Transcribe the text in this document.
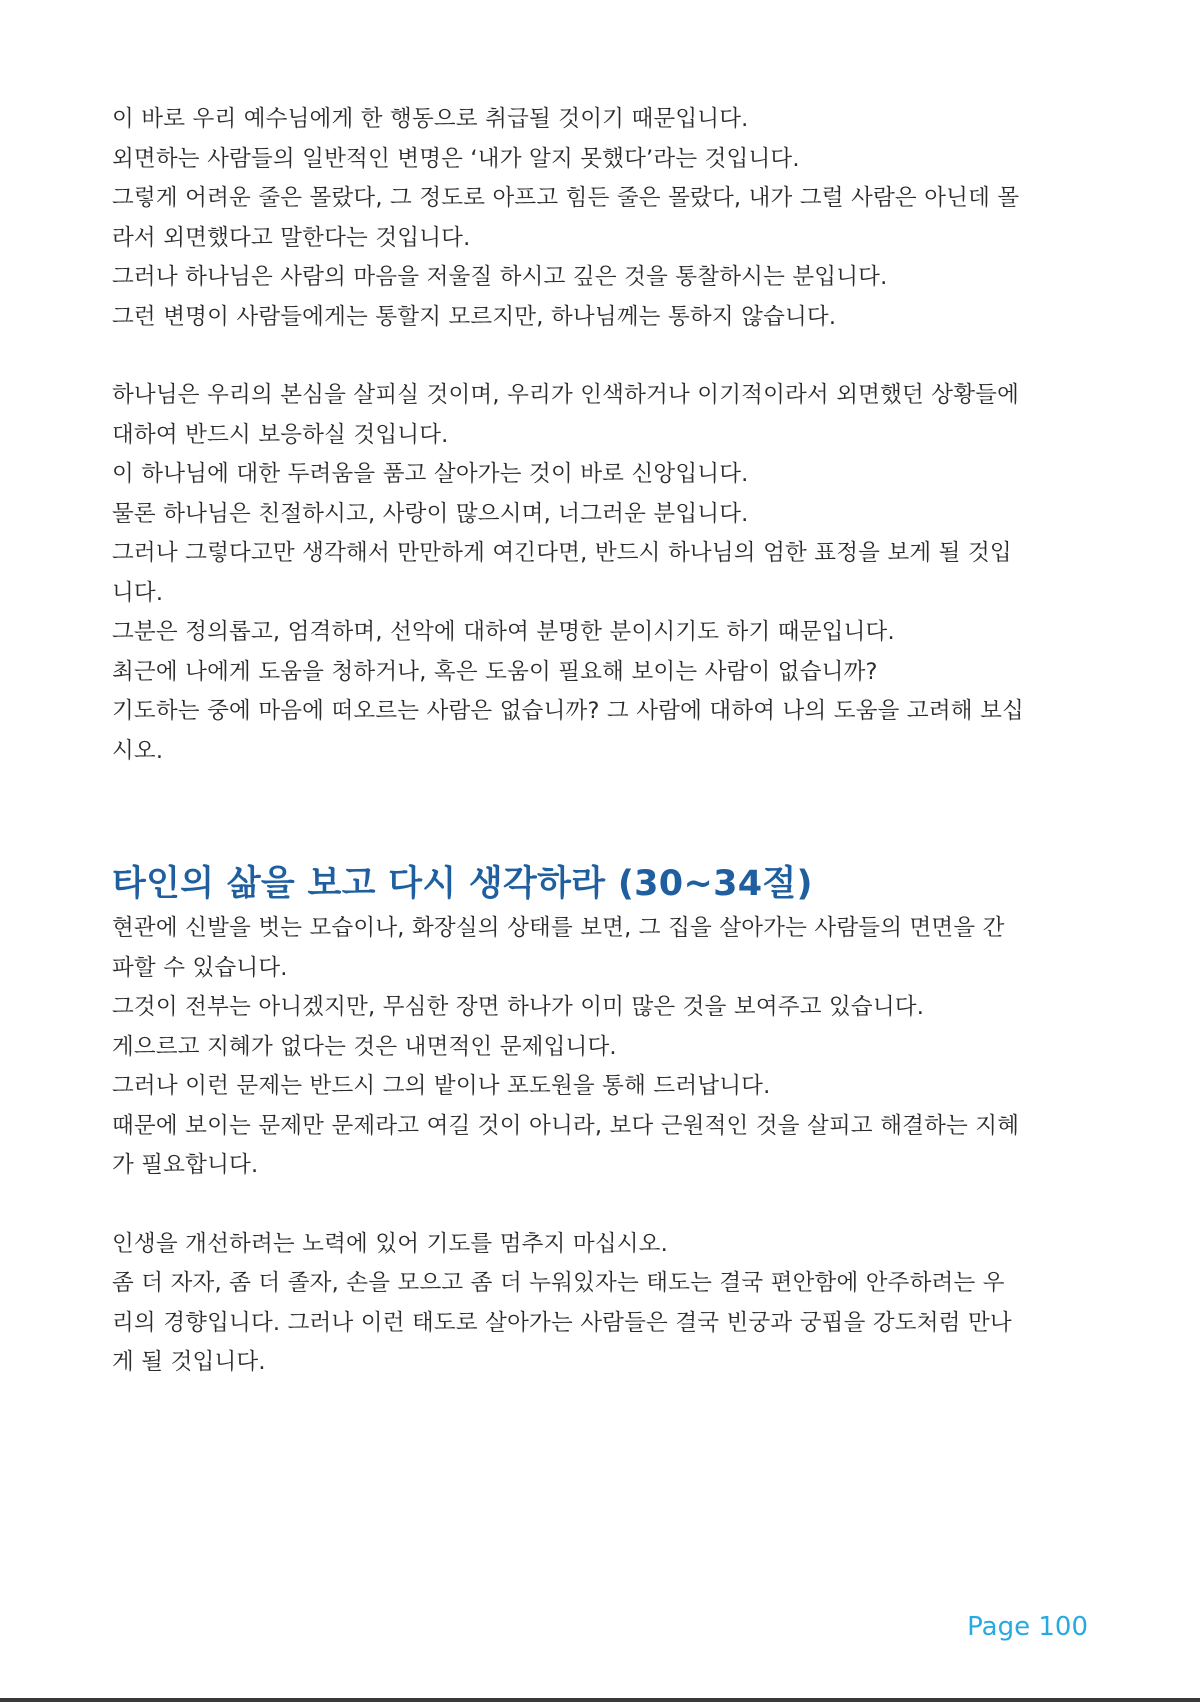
이 바로 우리 예수님에게 한 행동으로 취급될 것이기 때문입니다.
외면하는 사람들의 일반적인 변명은 ‘내가 알지 못했다’라는 것입니다.
그렇게 어려운 줄은 몰랐다, 그 정도로 아프고 힘든 줄은 몰랐다, 내가 그럴 사람은 아닌데 몰
라서 외면했다고 말한다는 것입니다.
그러나 하나님은 사람의 마음을 저울질 하시고 깊은 것을 통찰하시는 분입니다.
그런 변명이 사람들에게는 통할지 모르지만, 하나님께는 통하지 않습니다.
하나님은 우리의 본심을 살피실 것이며, 우리가 인색하거나 이기적이라서 외면했던 상황들에
대하여 반드시 보응하실 것입니다.
이 하나님에 대한 두려움을 품고 살아가는 것이 바로 신앙입니다.
물론 하나님은 친절하시고, 사랑이 많으시며, 너그러운 분입니다.
그러나 그렇다고만 생각해서 만만하게 여긴다면, 반드시 하나님의 엄한 표정을 보게 될 것입
니다.
그분은 정의롭고, 엄격하며, 선악에 대하여 분명한 분이시기도 하기 때문입니다.
최근에 나에게 도움을 청하거나, 혹은 도움이 필요해 보이는 사람이 없습니까?
기도하는 중에 마음에 떠오르는 사람은 없습니까? 그 사람에 대하여 나의 도움을 고려해 보십
시오.
타인의 삶을 보고 다시 생각하라 (30~34절)
현관에 신발을 벗는 모습이나, 화장실의 상태를 보면, 그 집을 살아가는 사람들의 면면을 간
파할 수 있습니다.
그것이 전부는 아니겠지만, 무심한 장면 하나가 이미 많은 것을 보여주고 있습니다.
게으르고 지혜가 없다는 것은 내면적인 문제입니다.
그러나 이런 문제는 반드시 그의 밭이나 포도원을 통해 드러납니다.
때문에 보이는 문제만 문제라고 여길 것이 아니라, 보다 근원적인 것을 살피고 해결하는 지혜
가 필요합니다.
인생을 개선하려는 노력에 있어 기도를 멈추지 마십시오.
좀 더 자자, 좀 더 졸자, 손을 모으고 좀 더 누워있자는 태도는 결국 편안함에 안주하려는 우
리의 경향입니다. 그러나 이런 태도로 살아가는 사람들은 결국 빈궁과 궁핍을 강도처럼 만나
게 될 것입니다.
Page 100
